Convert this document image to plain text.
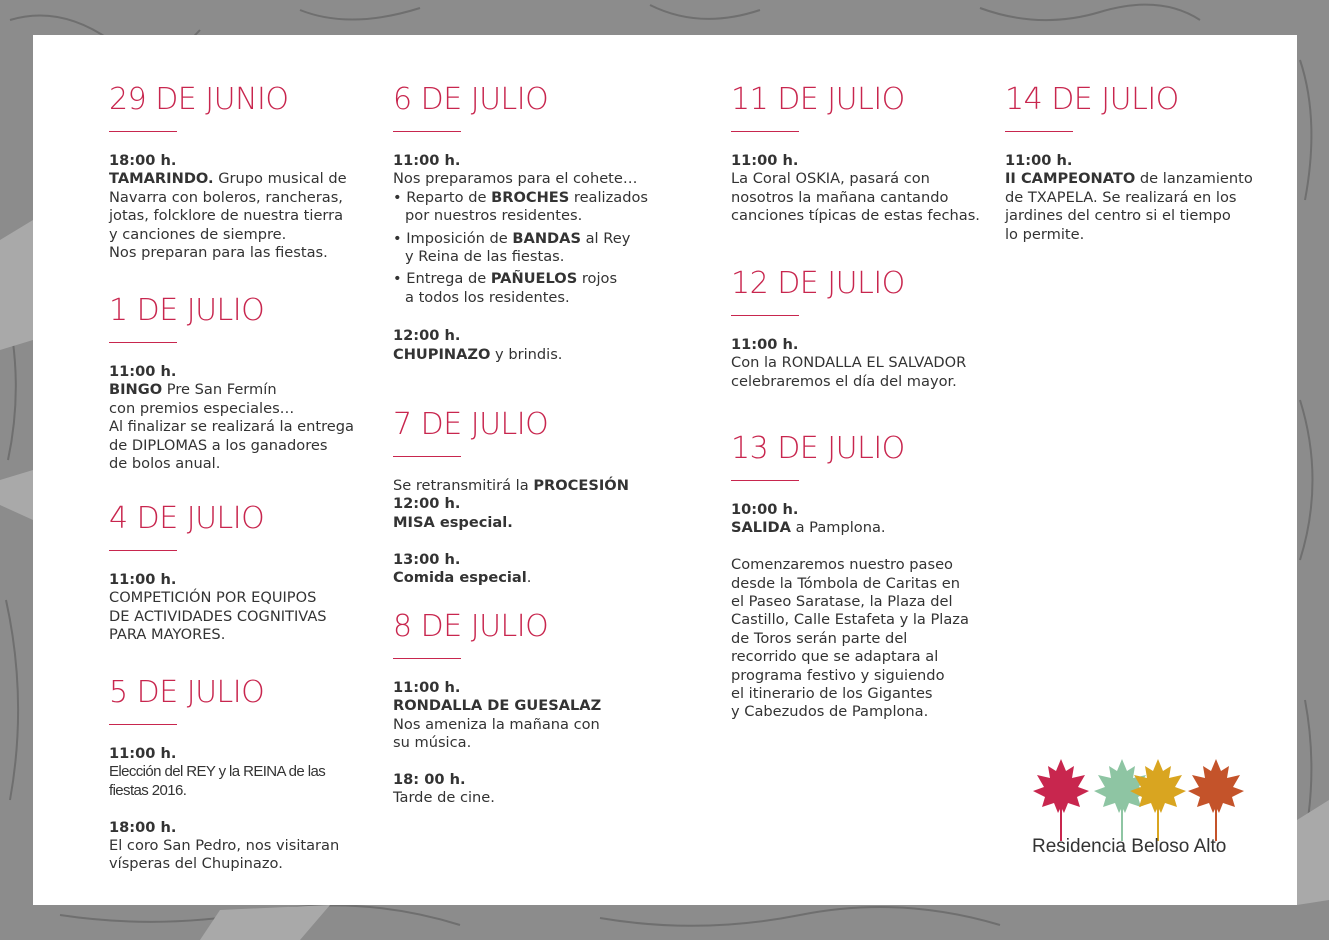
29 DE JUNIO
18:00 h.
TAMARINDO. Grupo musical de
Navarra con boleros, rancheras,
jotas, folcklore de nuestra tierra
y canciones de siempre.
Nos preparan para las fiestas.
1 DE JULIO
11:00 h.
BINGO Pre San Fermín
con premios especiales…
Al finalizar se realizará la entrega
de DIPLOMAS a los ganadores
de bolos anual.
4 DE JULIO
11:00 h.
COMPETICIÓN POR EQUIPOS
DE ACTIVIDADES COGNITIVAS
PARA MAYORES.
5 DE JULIO
11:00 h.
Elección del REY y la REINA de las
fiestas 2016.
18:00 h.
El coro San Pedro, nos visitaran
vísperas del Chupinazo.
6 DE JULIO
11:00 h.
Nos preparamos para el cohete…
• Reparto de BROCHES realizados
por nuestros residentes.
• Imposición de BANDAS al Rey
y Reina de las fiestas.
• Entrega de PAÑUELOS rojos
a todos los residentes.
12:00 h.
CHUPINAZO y brindis.
7 DE JULIO
Se retransmitirá la PROCESIÓN
12:00 h.
MISA especial.
13:00 h.
Comida especial.
8 DE JULIO
11:00 h.
RONDALLA DE GUESALAZ
Nos ameniza la mañana con
su música.
18: 00 h.
Tarde de cine.
11 DE JULIO
11:00 h.
La Coral OSKIA, pasará con
nosotros la mañana cantando
canciones típicas de estas fechas.
12 DE JULIO
11:00 h.
Con la RONDALLA EL SALVADOR
celebraremos el día del mayor.
13 DE JULIO
10:00 h.
SALIDA a Pamplona.
Comenzaremos nuestro paseo
desde la Tómbola de Caritas en
el Paseo Saratase, la Plaza del
Castillo, Calle Estafeta y la Plaza
de Toros serán parte del
recorrido que se adaptara al
programa festivo y siguiendo
el itinerario de los Gigantes
y Cabezudos de Pamplona.
14 DE JULIO
11:00 h.
II CAMPEONATO de lanzamiento
de TXAPELA. Se realizará en los
jardines del centro si el tiempo
lo permite.
Residencia Beloso Alto
